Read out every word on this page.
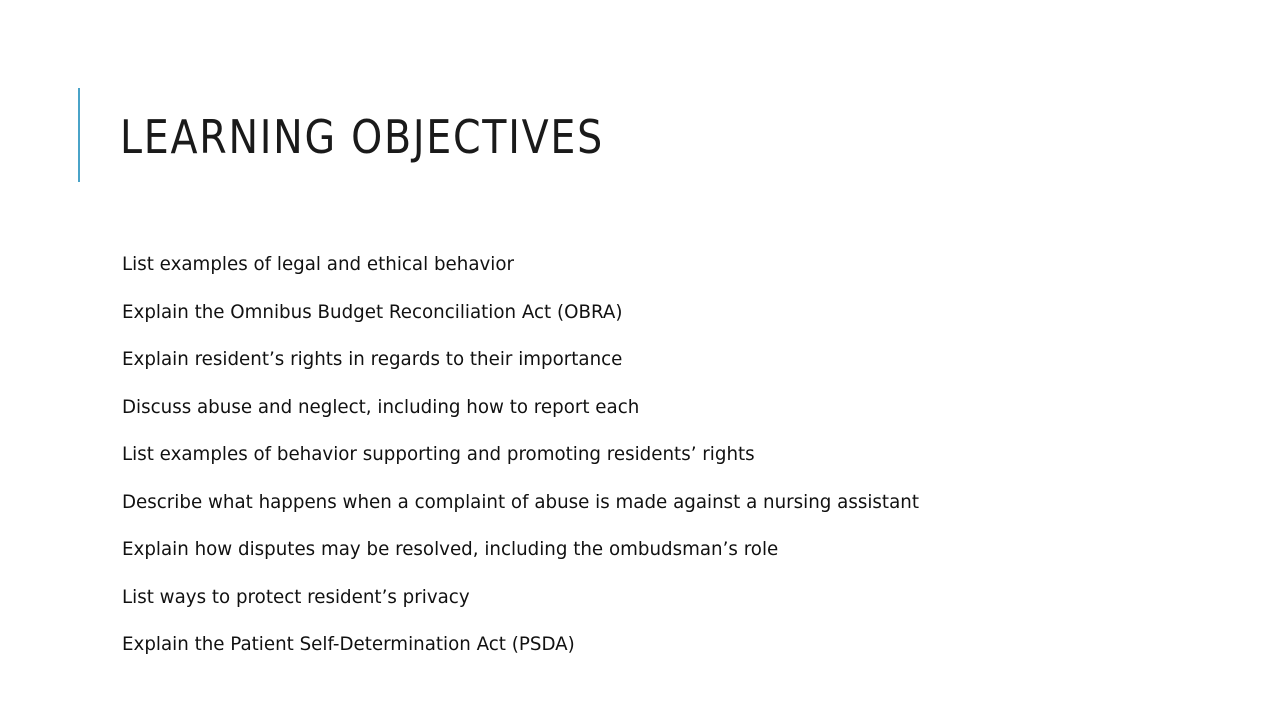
LEARNING OBJECTIVES
List examples of legal and ethical behavior
Explain the Omnibus Budget Reconciliation Act (OBRA)
Explain resident’s rights in regards to their importance
Discuss abuse and neglect, including how to report each
List examples of behavior supporting and promoting residents’ rights
Describe what happens when a complaint of abuse is made against a nursing assistant
Explain how disputes may be resolved, including the ombudsman’s role
List ways to protect resident’s privacy
Explain the Patient Self-Determination Act (PSDA)
